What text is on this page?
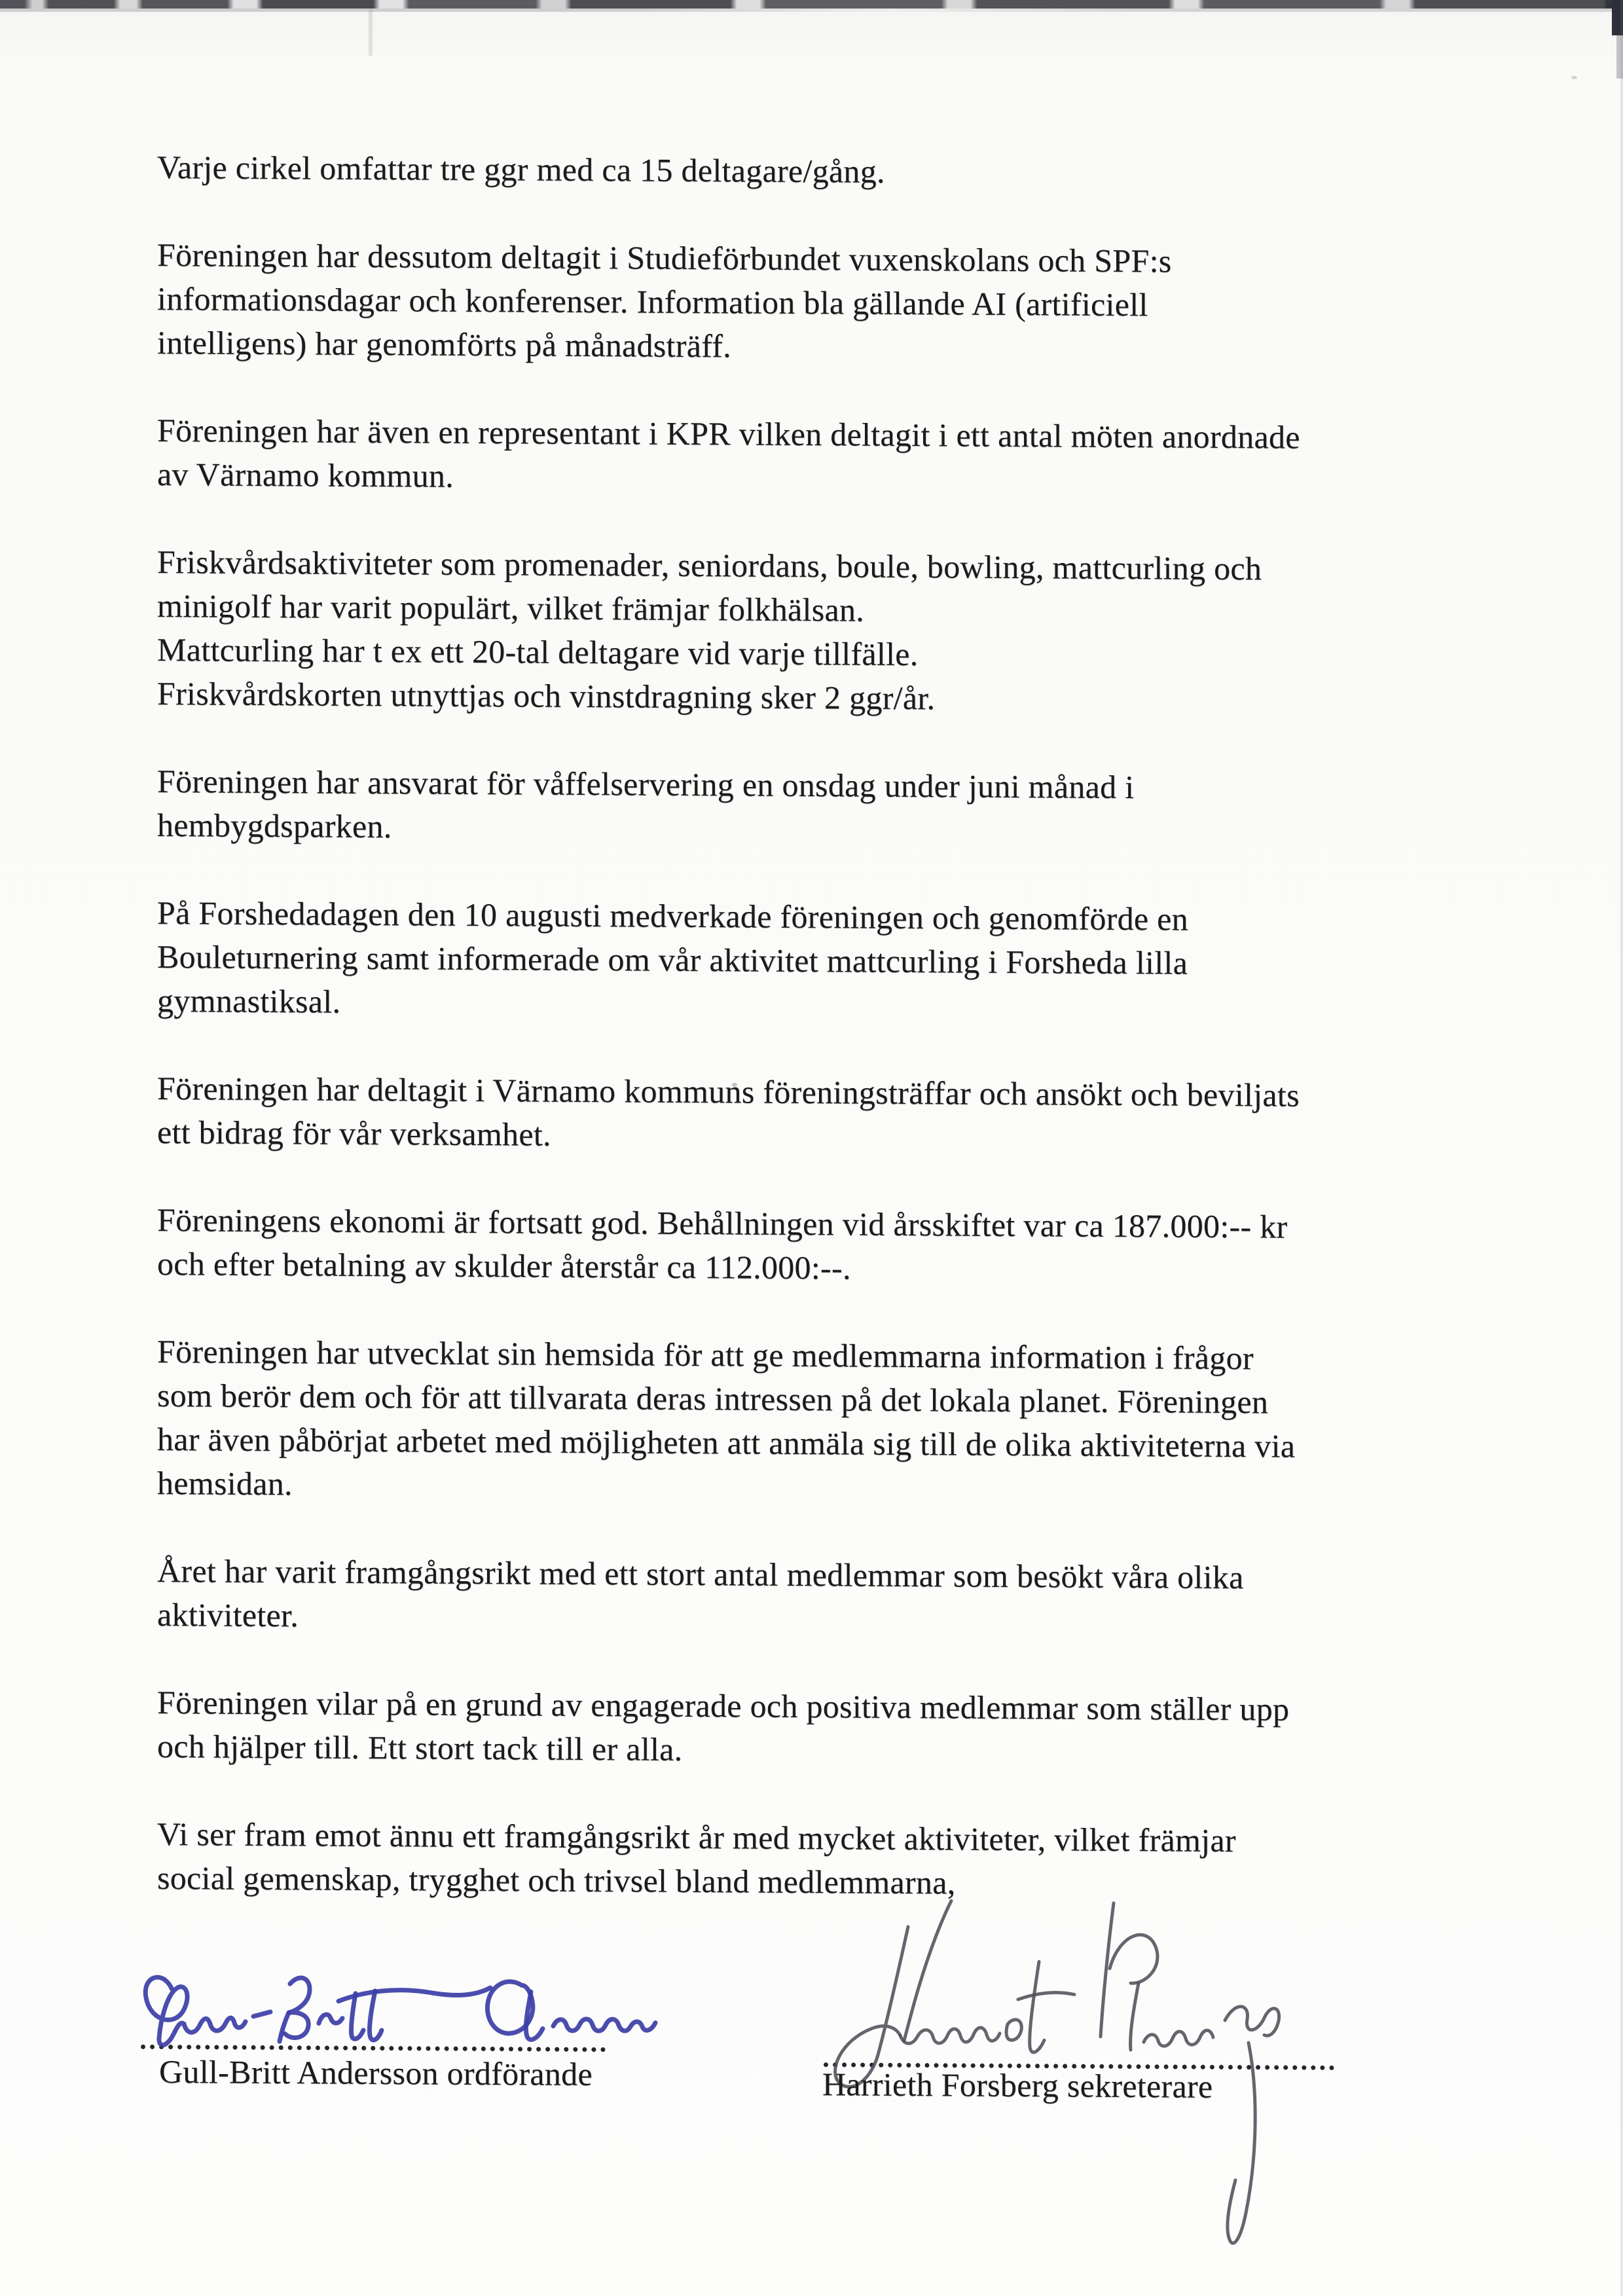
Varje cirkel omfattar tre ggr med ca 15 deltagare/gång.
Föreningen har dessutom deltagit i Studieförbundet vuxenskolans och SPF:s
informationsdagar och konferenser. Information bla gällande AI (artificiell
intelligens) har genomförts på månadsträff.
Föreningen har även en representant i KPR vilken deltagit i ett antal möten anordnade
av Värnamo kommun.
Friskvårdsaktiviteter som promenader, seniordans, boule, bowling, mattcurling och
minigolf har varit populärt, vilket främjar folkhälsan.
Mattcurling har t ex ett 20-tal deltagare vid varje tillfälle.
Friskvårdskorten utnyttjas och vinstdragning sker 2 ggr/år.
Föreningen har ansvarat för våffelservering en onsdag under juni månad i
hembygdsparken.
På Forshedadagen den 10 augusti medverkade föreningen och genomförde en
Bouleturnering samt informerade om vår aktivitet mattcurling i Forsheda lilla
gymnastiksal.
Föreningen har deltagit i Värnamo kommuns föreningsträffar och ansökt och beviljats
ett bidrag för vår verksamhet.
Föreningens ekonomi är fortsatt god. Behållningen vid årsskiftet var ca 187.000:-- kr
och efter betalning av skulder återstår ca 112.000:--.
Föreningen har utvecklat sin hemsida för att ge medlemmarna information i frågor
som berör dem och för att tillvarata deras intressen på det lokala planet. Föreningen
har även påbörjat arbetet med möjligheten att anmäla sig till de olika aktiviteterna via
hemsidan.
Året har varit framgångsrikt med ett stort antal medlemmar som besökt våra olika
aktiviteter.
Föreningen vilar på en grund av engagerade och positiva medlemmar som ställer upp
och hjälper till. Ett stort tack till er alla.
Vi ser fram emot ännu ett framgångsrikt år med mycket aktiviteter, vilket främjar
social gemenskap, trygghet och trivsel bland medlemmarna,
Gull-Britt Andersson ordförande	Harrieth Forsberg sekreterare
